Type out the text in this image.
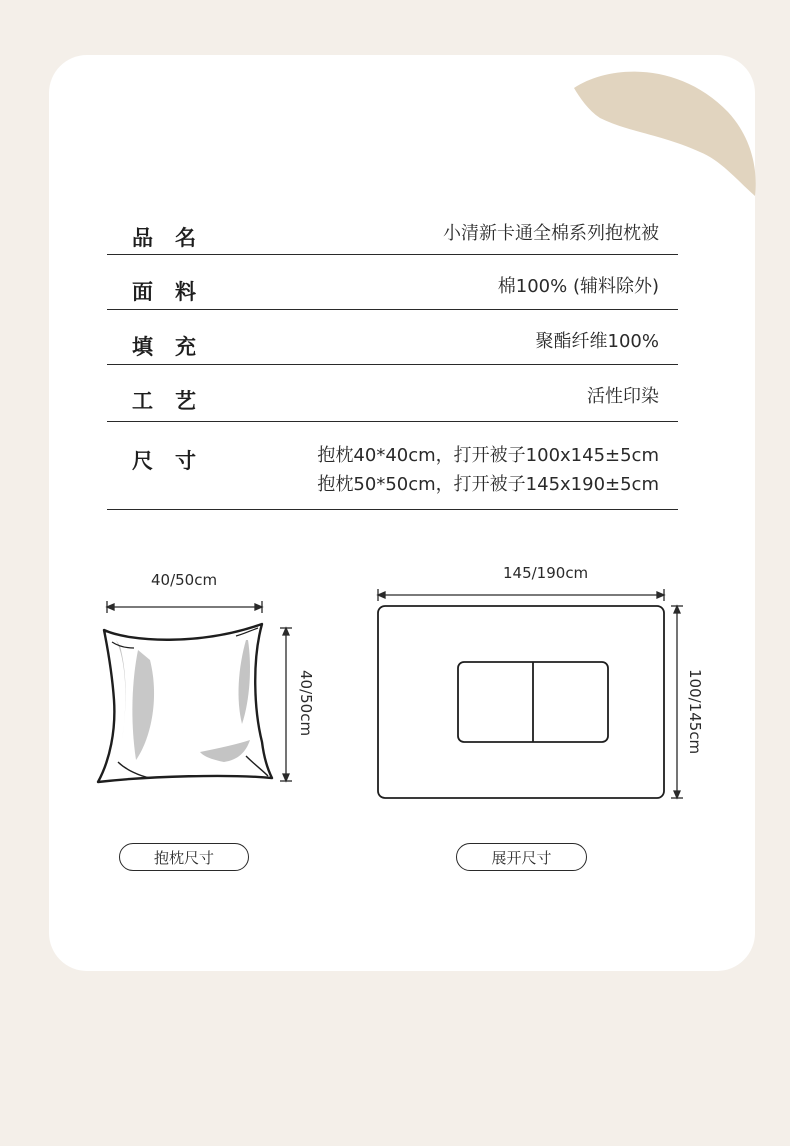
品名	小清新卡通全棉系列抱枕被
面料	棉100% (辅料除外)
填充	聚酯纤维100%
工艺	活性印染
尺寸	抱枕40*40cm，打开被子100x145±5cm
抱枕50*50cm，打开被子145x190±5cm
40/50cm
40/50cm
145/190cm
100/145cm
抱枕尺寸	展开尺寸
